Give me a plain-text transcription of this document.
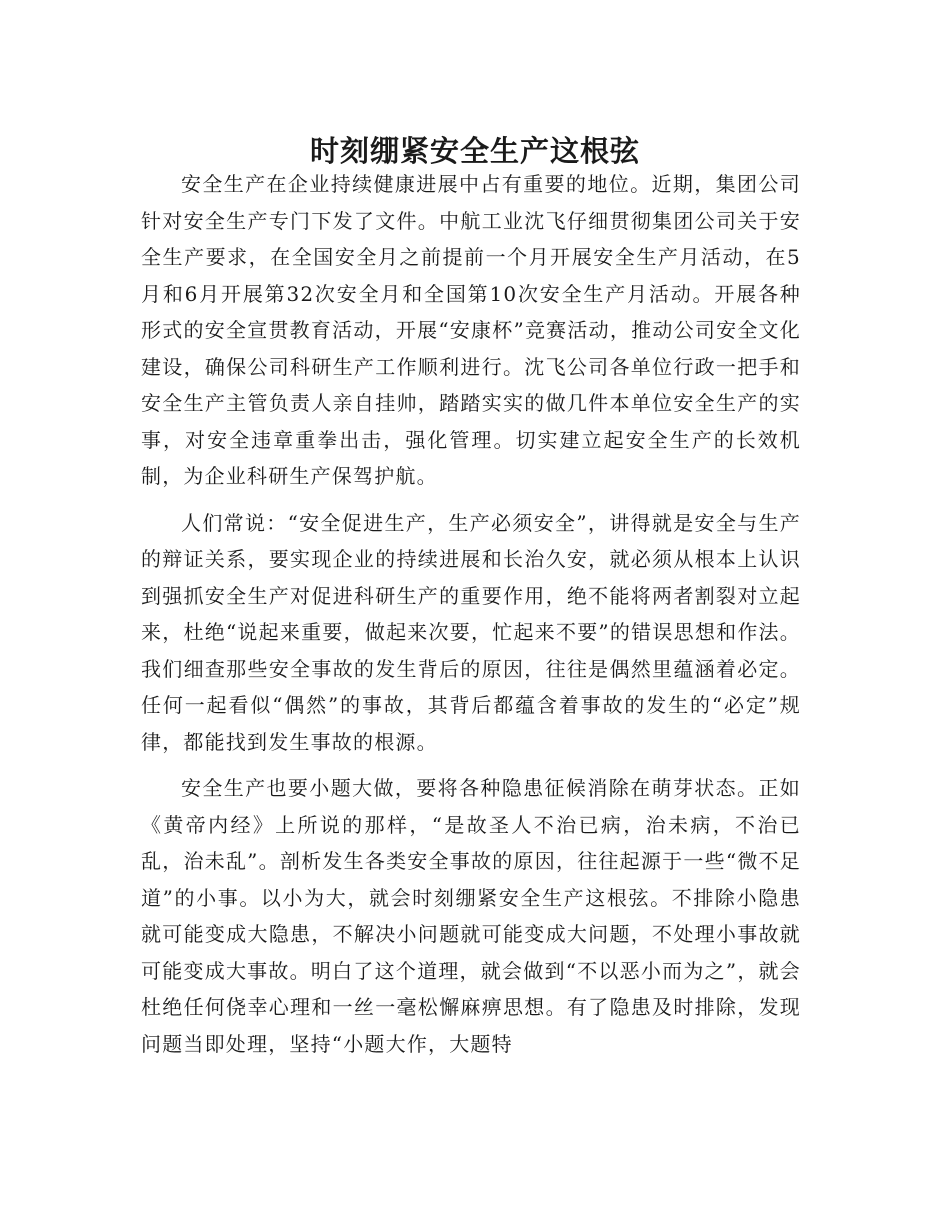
时刻绷紧安全生产这根弦

安全生产在企业持续健康进展中占有重要的地位。近期，集团公司针对安全生产专门下发了文件。中航工业沈飞仔细贯彻集团公司关于安全生产要求，在全国安全月之前提前一个月开展安全生产月活动，在5月和6月开展第32次安全月和全国第10次安全生产月活动。开展各种形式的安全宣贯教育活动，开展“安康杯”竞赛活动，推动公司安全文化建设，确保公司科研生产工作顺利进行。沈飞公司各单位行政一把手和安全生产主管负责人亲自挂帅，踏踏实实的做几件本单位安全生产的实事，对安全违章重拳出击，强化管理。切实建立起安全生产的长效机制，为企业科研生产保驾护航。

人们常说：“安全促进生产，生产必须安全”，讲得就是安全与生产的辩证关系，要实现企业的持续进展和长治久安，就必须从根本上认识到强抓安全生产对促进科研生产的重要作用，绝不能将两者割裂对立起来，杜绝“说起来重要，做起来次要，忙起来不要”的错误思想和作法。我们细查那些安全事故的发生背后的原因，往往是偶然里蕴涵着必定。任何一起看似“偶然”的事故，其背后都蕴含着事故的发生的“必定”规律，都能找到发生事故的根源。

安全生产也要小题大做，要将各种隐患征候消除在萌芽状态。正如《黄帝内经》上所说的那样，“是故圣人不治已病，治未病，不治已乱，治未乱”。剖析发生各类安全事故的原因，往往起源于一些“微不足道”的小事。以小为大，就会时刻绷紧安全生产这根弦。不排除小隐患就可能变成大隐患，不解决小问题就可能变成大问题，不处理小事故就可能变成大事故。明白了这个道理，就会做到“不以恶小而为之”，就会杜绝任何侥幸心理和一丝一毫松懈麻痹思想。有了隐患及时排除，发现问题当即处理，坚持“小题大作，大题特
